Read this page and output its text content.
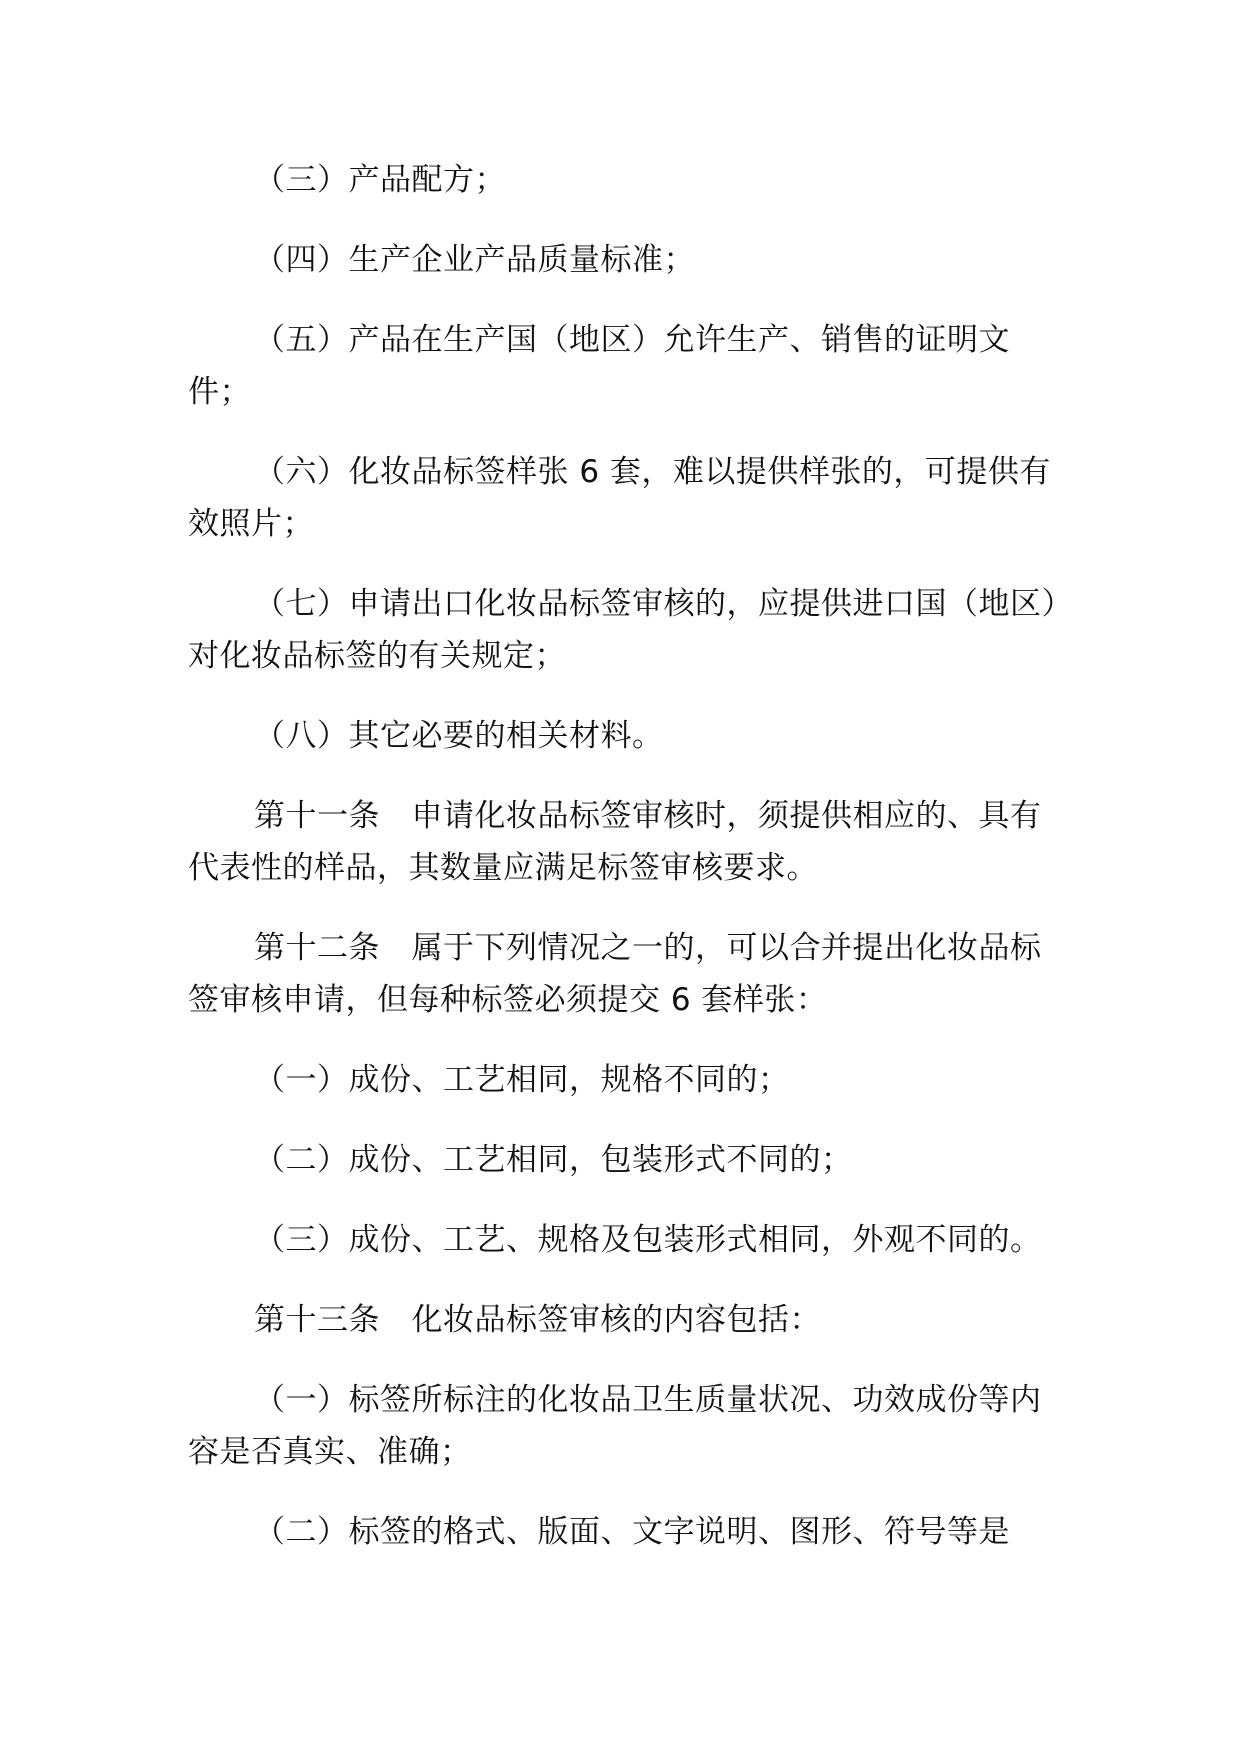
（三）产品配方；

（四）生产企业产品质量标准；

（五）产品在生产国（地区）允许生产、销售的证明文件；

（六）化妆品标签样张 6 套，难以提供样张的，可提供有效照片；

（七）申请出口化妆品标签审核的，应提供进口国（地区）对化妆品标签的有关规定；

（八）其它必要的相关材料。

第十一条　申请化妆品标签审核时，须提供相应的、具有代表性的样品，其数量应满足标签审核要求。

第十二条　属于下列情况之一的，可以合并提出化妆品标签审核申请，但每种标签必须提交 6 套样张：

（一）成份、工艺相同，规格不同的；

（二）成份、工艺相同，包装形式不同的；

（三）成份、工艺、规格及包装形式相同，外观不同的。

第十三条　化妆品标签审核的内容包括：

（一）标签所标注的化妆品卫生质量状况、功效成份等内容是否真实、准确；

（二）标签的格式、版面、文字说明、图形、符号等是
